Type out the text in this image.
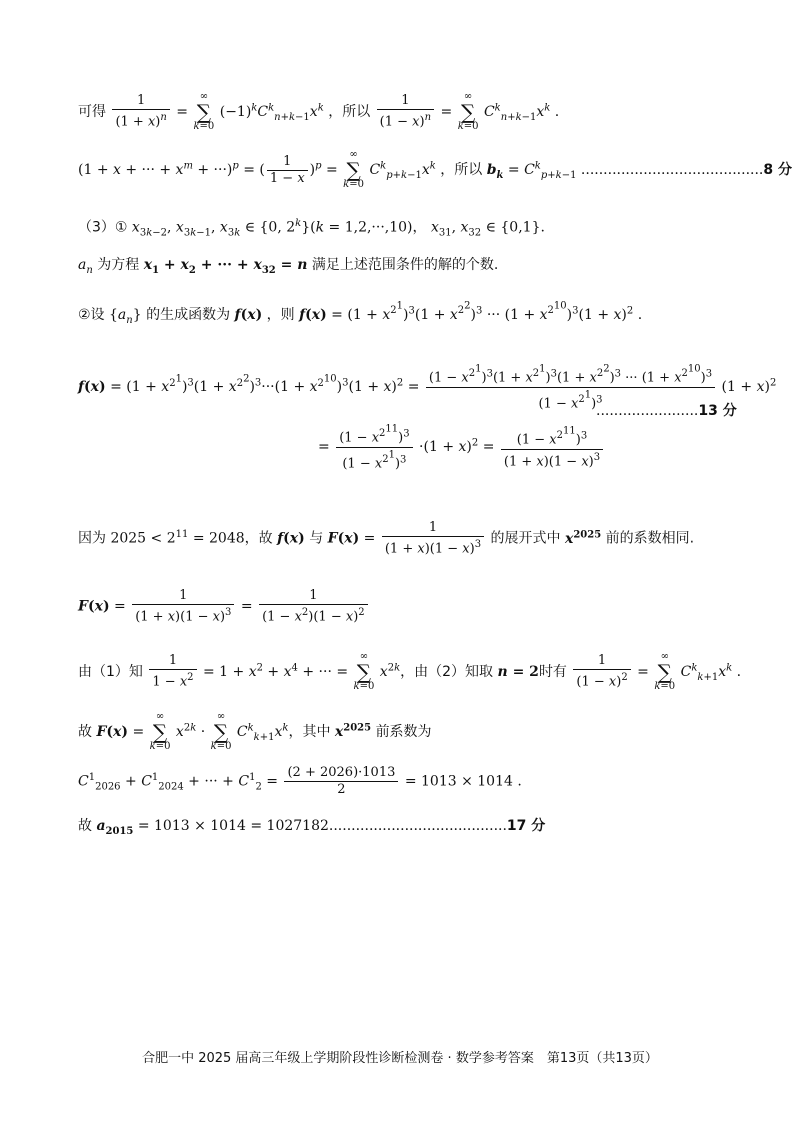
可得 $\frac{1}{(1 + x)^n}$ = ∞
∑
k=0 $(-1)^kC^k_{n+k-1}x^k$ ，所以 $\frac{1}{(1 - x)^n}$ = ∞
∑
k=0 $C^k_{n+k-1}x^k$ .
(1 + x + ··· + $x^m + \cdot\cdot\cdot)^p$ = ( $\frac{1}{1 - x} )^p$ = ∞
∑
k=0 $C^k_{p+k-1}x^k$ ，所以 $b_k = C^k_{p+k-1}$ .........................................8 分
（3）① $x_{3k-2}$, $x_{3k-1}$, $x_{3k}$ ∈ {0, $2^k\}(k = 1,2,\cdot\cdot\cdot,10)$， $x_{31}$, $x_{32}$ ∈ {0,1}.
$a_n$ 为方程 $x_1 + x_2$ + ··· + $x_{32} = n$ 满足上述范围条件的解的个数.
②设 $\{a_n\}$ 的生成函数为 f(x) ，则 $f(x) = (1 + x^{2^1})^3(1 + x^{2^2})^3$ ··· $(1 + x^{2^{10}})^3(1 + x)^2$ .
$f(x) = (1 + x^{2^1})^3(1 + x^{2^2})^3\cdot\cdot\cdot(1 + x^{2^{10}})^3(1 + x)^2 = \frac{(1 - x^{2^1})^3(1 + x^{2^1})^3(1 + x^{2^2})^3 \cdot\cdot\cdot (1 + x^{2^{10}})^3}{(1 - x^{2^1})^3} (1 + x)^2$
.......................13 分
= $\frac{(1 - x^{2^{11}})^3}{(1 - x^{2^1})^3} \cdot(1 + x)^2 = \frac{(1 - x^{2^{11}})^3}{(1 + x)(1 - x)^3}$
因为 $2025 < 2^{11} = 2048$，故 f(x) 与 $F(x) = \frac{1}{(1 + x)(1 - x)^3}$ 的展开式中 $x^{2025}$ 前的系数相同.
$F(x) = \frac{1}{(1 + x)(1 - x)^3} = \frac{1}{(1 - x^2)(1 - x)^2}$
由（1）知 $\frac{1}{1 - x^2} = 1 + x^2 + x^4$ + ··· = ∞
∑
k=0 $x^{2k}$，由（2）知取 n = 2时有 $\frac{1}{(1 - x)^2}$ = ∞
∑
k=0 $C^k_{k+1}x^k$ .
故 F(x) = ∞
∑
k=0 $x^{2k}$ · ∞
∑
k=0 $C^k_{k+1}x^k$，其中 $x^{2025}$ 前系数为
$C^1_{2026} + C^1_{2024}$ + ··· + $C^1_2 = \frac{(2 + 2026)\cdot 1013}{2} = 1013 \times 1014$ .
故 $a_{2015} = 1013 \times 1014 = 1027182........................................17$ 分
合肥一中 2025 届高三年级上学期阶段性诊断检测卷 · 数学参考答案　第13页（共13页）
